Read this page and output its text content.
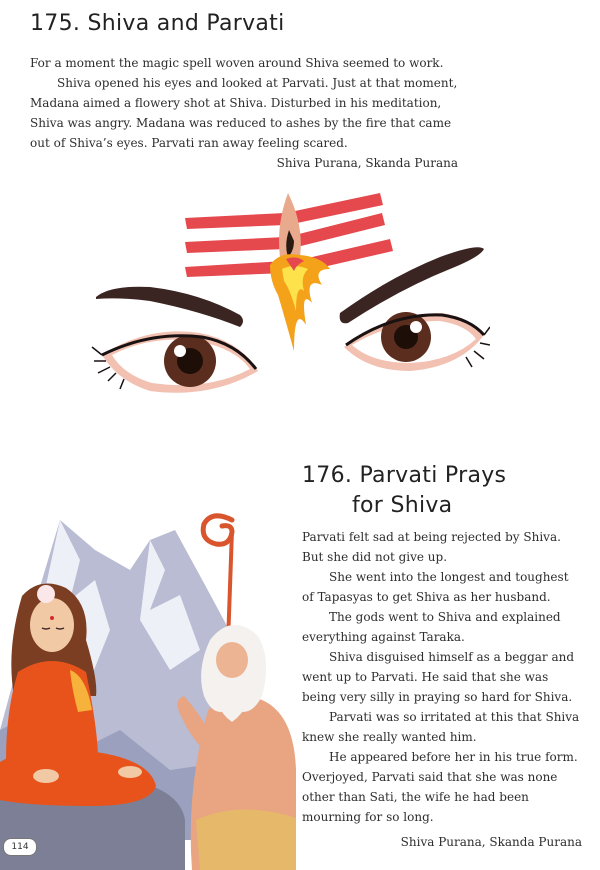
175. Shiva and Parvati

For a moment the magic spell woven around Shiva seemed to work.

Shiva opened his eyes and looked at Parvati. Just at that moment, Madana aimed a flowery shot at Shiva. Disturbed in his meditation, Shiva was angry. Madana was reduced to ashes by the fire that came out of Shiva’s eyes. Parvati ran away feeling scared.

Shiva Purana, Skanda Purana

176. Parvati Prays
for Shiva

Parvati felt sad at being rejected by Shiva. But she did not give up.

She went into the longest and toughest of Tapasyas to get Shiva as her husband.

The gods went to Shiva and explained everything against Taraka.

Shiva disguised himself as a beggar and went up to Parvati. He said that she was being very silly in praying so hard for Shiva.

Parvati was so irritated at this that Shiva knew she really wanted him.

He appeared before her in his true form. Overjoyed, Parvati said that she was none other than Sati, the wife he had been mourning for so long.

Shiva Purana, Skanda Purana

114
